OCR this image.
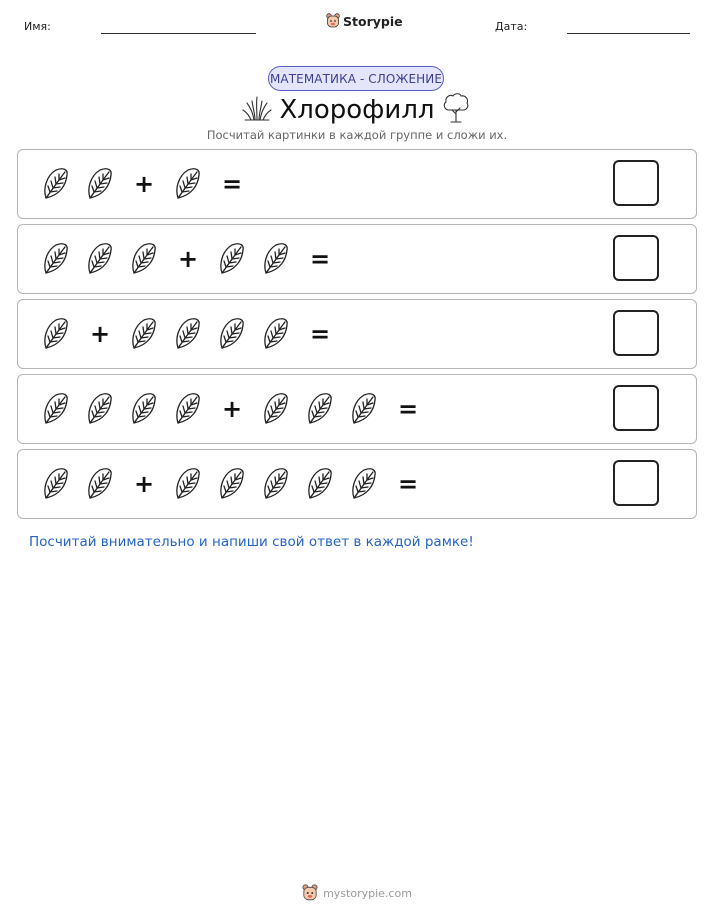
Имя:	Storypie	Дата:
МАТЕМАТИКА - СЛОЖЕНИЕ
Хлорофилл
Посчитай картинки в каждой группе и сложи их.
+	=
+	=
+	=
+	=
+	=
Посчитай внимательно и напиши свой ответ в каждой рамке!
mystorypie.com
